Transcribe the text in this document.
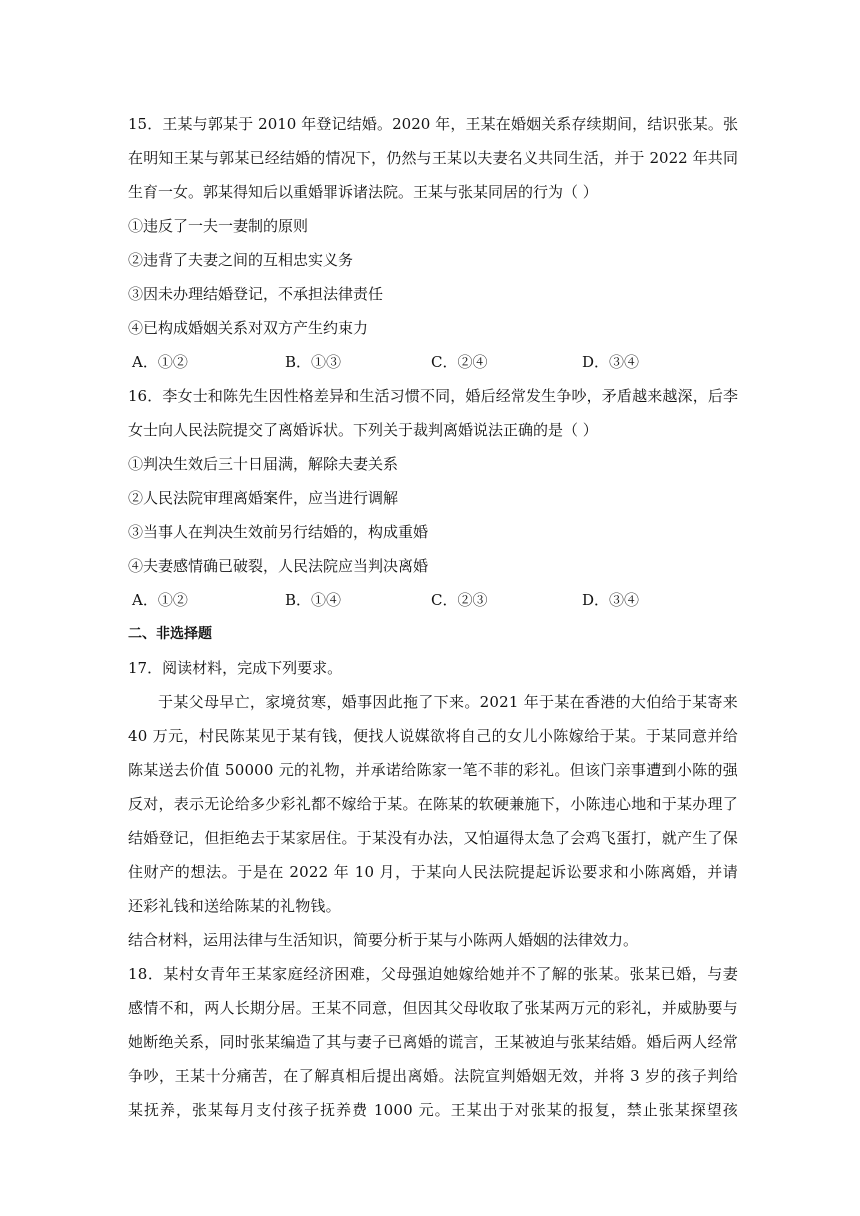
15．王某与郭某于 2010 年登记结婚。2020 年，王某在婚姻关系存续期间，结识张某。张
在明知王某与郭某已经结婚的情况下，仍然与王某以夫妻名义共同生活，并于 2022 年共同
生育一女。郭某得知后以重婚罪诉诸法院。王某与张某同居的行为（ ）
①违反了一夫一妻制的原则
②违背了夫妻之间的互相忠实义务
③因未办理结婚登记，不承担法律责任
④已构成婚姻关系对双方产生约束力
A．①②	B．①③	C．②④	D．③④
16．李女士和陈先生因性格差异和生活习惯不同，婚后经常发生争吵，矛盾越来越深，后李
女士向人民法院提交了离婚诉状。下列关于裁判离婚说法正确的是（ ）
①判决生效后三十日届满，解除夫妻关系
②人民法院审理离婚案件，应当进行调解
③当事人在判决生效前另行结婚的，构成重婚
④夫妻感情确已破裂，人民法院应当判决离婚
A．①②	B．①④	C．②③	D．③④
二、非选择题
17．阅读材料，完成下列要求。
于某父母早亡，家境贫寒，婚事因此拖了下来。2021 年于某在香港的大伯给于某寄来
40 万元，村民陈某见于某有钱，便找人说媒欲将自己的女儿小陈嫁给于某。于某同意并给
陈某送去价值 50000 元的礼物，并承诺给陈家一笔不菲的彩礼。但该门亲事遭到小陈的强
反对，表示无论给多少彩礼都不嫁给于某。在陈某的软硬兼施下，小陈违心地和于某办理了
结婚登记，但拒绝去于某家居住。于某没有办法，又怕逼得太急了会鸡飞蛋打，就产生了保
住财产的想法。于是在 2022 年 10 月，于某向人民法院提起诉讼要求和小陈离婚，并请
还彩礼钱和送给陈某的礼物钱。
结合材料，运用法律与生活知识，简要分析于某与小陈两人婚姻的法律效力。
18．某村女青年王某家庭经济困难，父母强迫她嫁给她并不了解的张某。张某已婚，与妻
感情不和，两人长期分居。王某不同意，但因其父母收取了张某两万元的彩礼，并威胁要与
她断绝关系，同时张某编造了其与妻子已离婚的谎言，王某被迫与张某结婚。婚后两人经常
争吵，王某十分痛苦，在了解真相后提出离婚。法院宣判婚姻无效，并将 3 岁的孩子判给
某抚养，张某每月支付孩子抚养费 1000 元。王某出于对张某的报复，禁止张某探望孩
